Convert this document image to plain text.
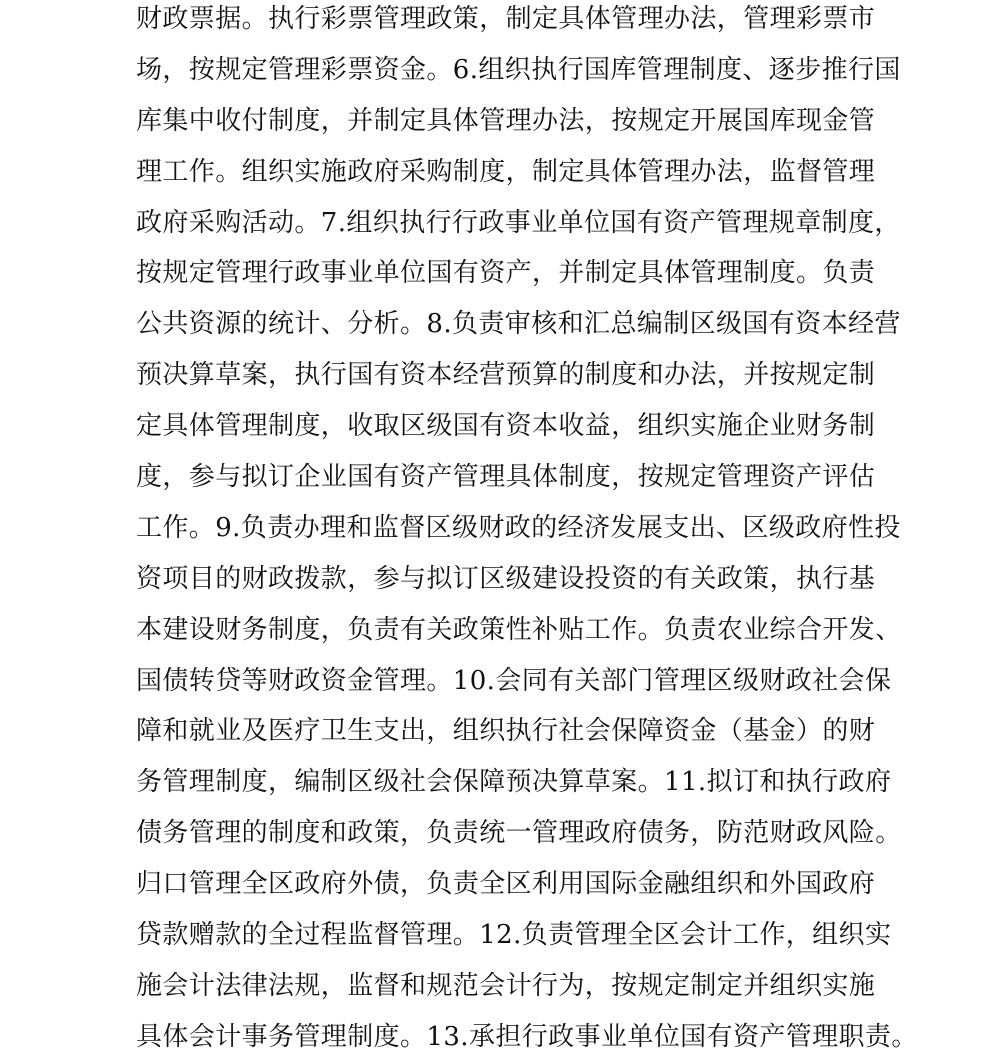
财政票据。执行彩票管理政策，制定具体管理办法，管理彩票市
场，按规定管理彩票资金。6.组织执行国库管理制度、逐步推行国
库集中收付制度，并制定具体管理办法，按规定开展国库现金管
理工作。组织实施政府采购制度，制定具体管理办法，监督管理
政府采购活动。7.组织执行行政事业单位国有资产管理规章制度，
按规定管理行政事业单位国有资产，并制定具体管理制度。负责
公共资源的统计、分析。8.负责审核和汇总编制区级国有资本经营
预决算草案，执行国有资本经营预算的制度和办法，并按规定制
定具体管理制度，收取区级国有资本收益，组织实施企业财务制
度，参与拟订企业国有资产管理具体制度，按规定管理资产评估
工作。9.负责办理和监督区级财政的经济发展支出、区级政府性投
资项目的财政拨款，参与拟订区级建设投资的有关政策，执行基
本建设财务制度，负责有关政策性补贴工作。负责农业综合开发、
国债转贷等财政资金管理。10.会同有关部门管理区级财政社会保
障和就业及医疗卫生支出，组织执行社会保障资金（基金）的财
务管理制度，编制区级社会保障预决算草案。11.拟订和执行政府
债务管理的制度和政策，负责统一管理政府债务，防范财政风险。
归口管理全区政府外债，负责全区利用国际金融组织和外国政府
贷款赠款的全过程监督管理。12.负责管理全区会计工作，组织实
施会计法律法规，监督和规范会计行为，按规定制定并组织实施
具体会计事务管理制度。13.承担行政事业单位国有资产管理职责。
